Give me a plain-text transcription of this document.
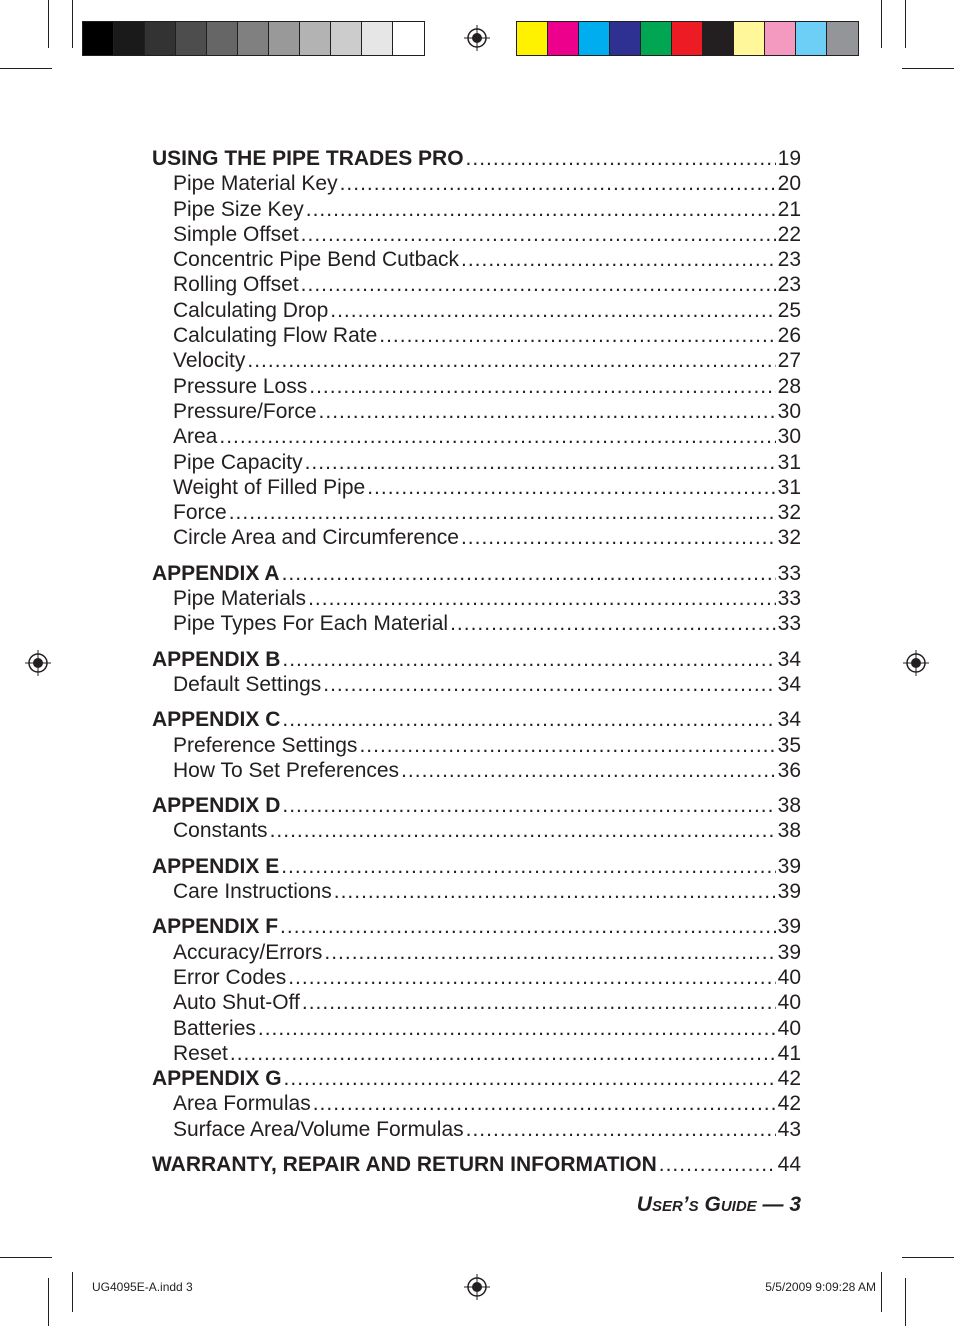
USING THE PIPE TRADES PRO .....	19
Pipe Material Key .....	20
Pipe Size Key .....	21
Simple Offset .....	22
Concentric Pipe Bend Cutback .....	23
Rolling Offset .....	23
Calculating Drop .....	25
Calculating Flow Rate .....	26
Velocity .....	27
Pressure Loss .....	28
Pressure/Force .....	30
Area .....	30
Pipe Capacity .....	31
Weight of Filled Pipe .....	31
Force .....	32
Circle Area and Circumference .....	32
APPENDIX A .....	33
Pipe Materials .....	33
Pipe Types For Each Material .....	33
APPENDIX B .....	34
Default Settings .....	34
APPENDIX C .....	34
Preference Settings .....	35
How To Set Preferences .....	36
APPENDIX D .....	38
Constants .....	38
APPENDIX E .....	39
Care Instructions .....	39
APPENDIX F .....	39
Accuracy/Errors .....	39
Error Codes .....	40
Auto Shut-Off .....	40
Batteries .....	40
Reset .....	41
APPENDIX G .....	42
Area Formulas .....	42
Surface Area/Volume Formulas .....	43
WARRANTY, REPAIR AND RETURN INFORMATION .....	44
User’s Guide — 3
UG4095E-A.indd 3	5/5/2009 9:09:28 AM
